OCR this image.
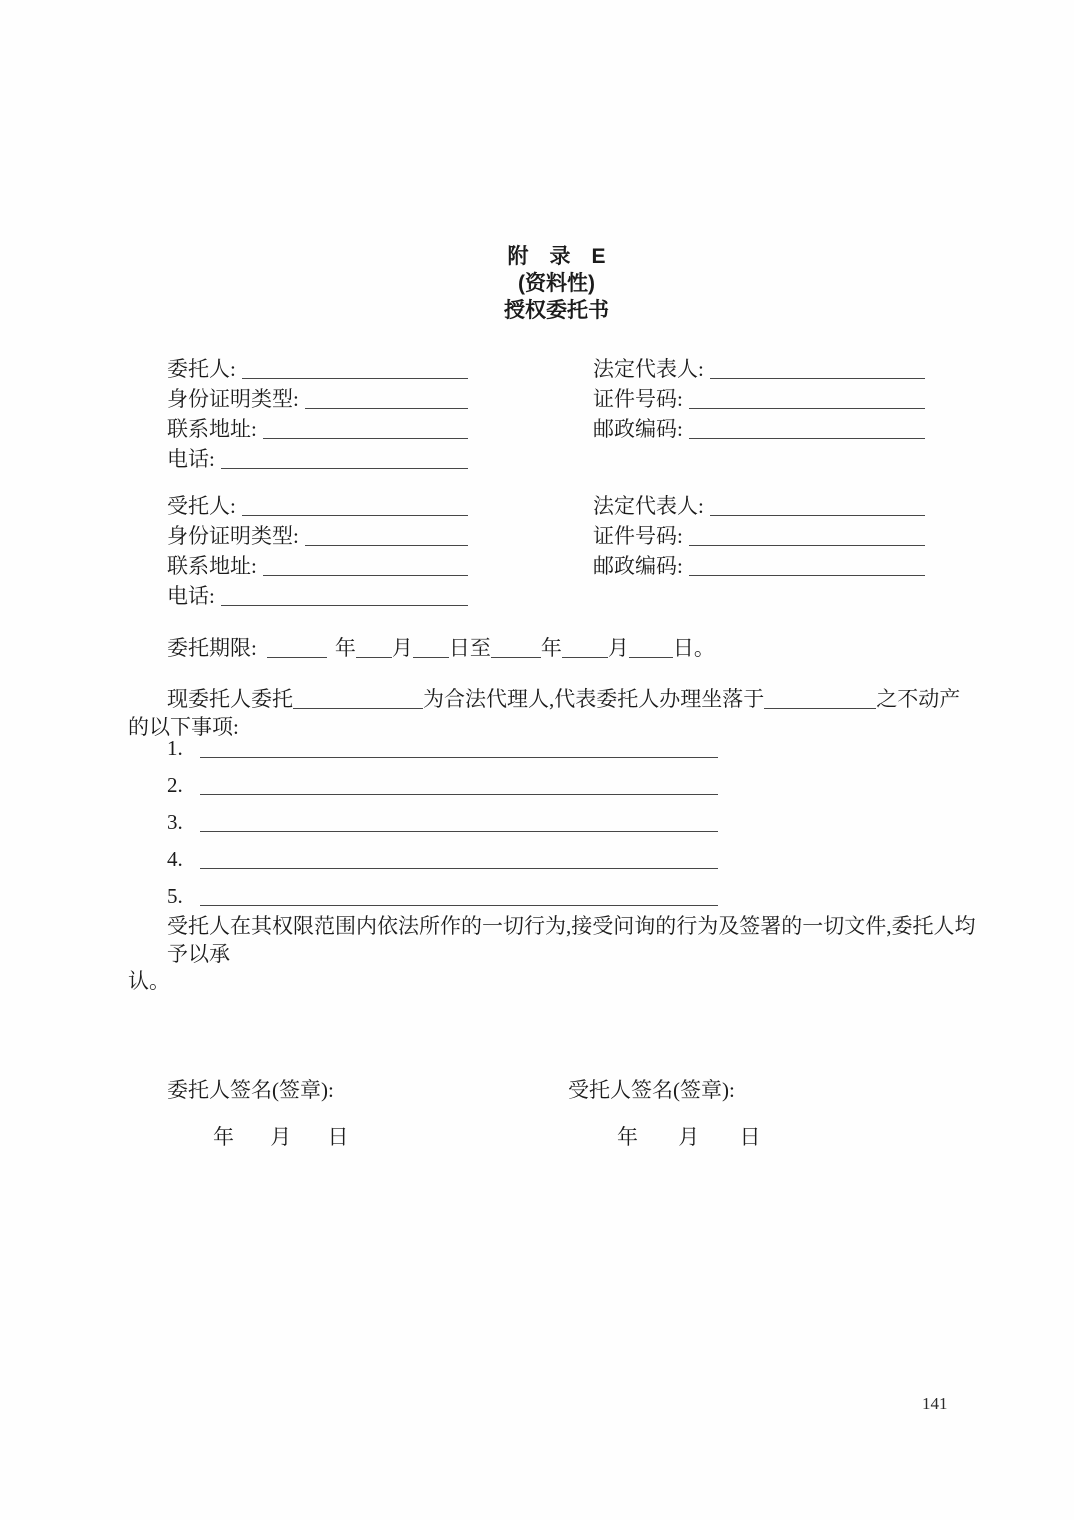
附　录　E
(资料性)
授权委托书
委托人:	法定代表人:
身份证明类型:	证件号码:
联系地址:	邮政编码:
电话:
受托人:	法定代表人:
身份证明类型:	证件号码:
联系地址:	邮政编码:
电话:
委托期限:	年 月 日至 年 月 日。
现委托人委托	为合法代理人,代表委托人办理坐落于	之不动产
的以下事项:
1.
2.
3.
4.
5.
受托人在其权限范围内依法所作的一切行为,接受问询的行为及签署的一切文件,委托人均予以承
认。
委托人签名(签章):	受托人签名(签章):
年 月 日	年 月 日
141
